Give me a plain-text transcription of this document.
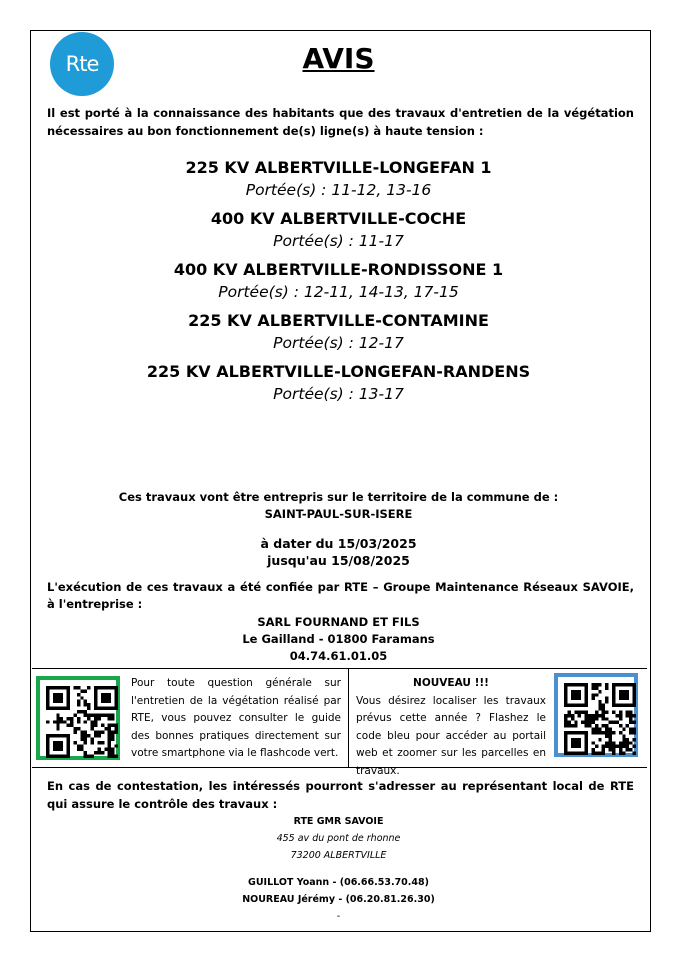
Rte	AVIS
Il est porté à la connaissance des habitants que des travaux d'entretien de la végétation nécessaires au bon fonctionnement de(s) ligne(s) à haute tension :
225 KV ALBERTVILLE-LONGEFAN 1
Portée(s) : 11-12, 13-16
400 KV ALBERTVILLE-COCHE
Portée(s) : 11-17
400 KV ALBERTVILLE-RONDISSONE 1
Portée(s) : 12-11, 14-13, 17-15
225 KV ALBERTVILLE-CONTAMINE
Portée(s) : 12-17
225 KV ALBERTVILLE-LONGEFAN-RANDENS
Portée(s) : 13-17
Ces travaux vont être entrepris sur le territoire de la commune de :
SAINT-PAUL-SUR-ISERE
à dater du 15/03/2025
jusqu'au 15/08/2025
L'exécution de ces travaux a été confiée par RTE – Groupe Maintenance Réseaux SAVOIE, à l'entreprise :
SARL FOURNAND ET FILS
Le Gailland - 01800 Faramans
04.74.61.01.05
Pour toute question générale sur l'entretien de la végétation réalisé par RTE, vous pouvez consulter le guide des bonnes pratiques directement sur votre smartphone via le flashcode vert.
NOUVEAU !!!
Vous désirez localiser les travaux prévus cette année ? Flashez le code bleu pour accéder au portail web et zoomer sur les parcelles en travaux.
En cas de contestation, les intéressés pourront s'adresser au représentant local de RTE qui assure le contrôle des travaux :
RTE GMR SAVOIE
455 av du pont de rhonne
73200 ALBERTVILLE
GUILLOT Yoann - (06.66.53.70.48)
NOUREAU Jérémy - (06.20.81.26.30)
-
